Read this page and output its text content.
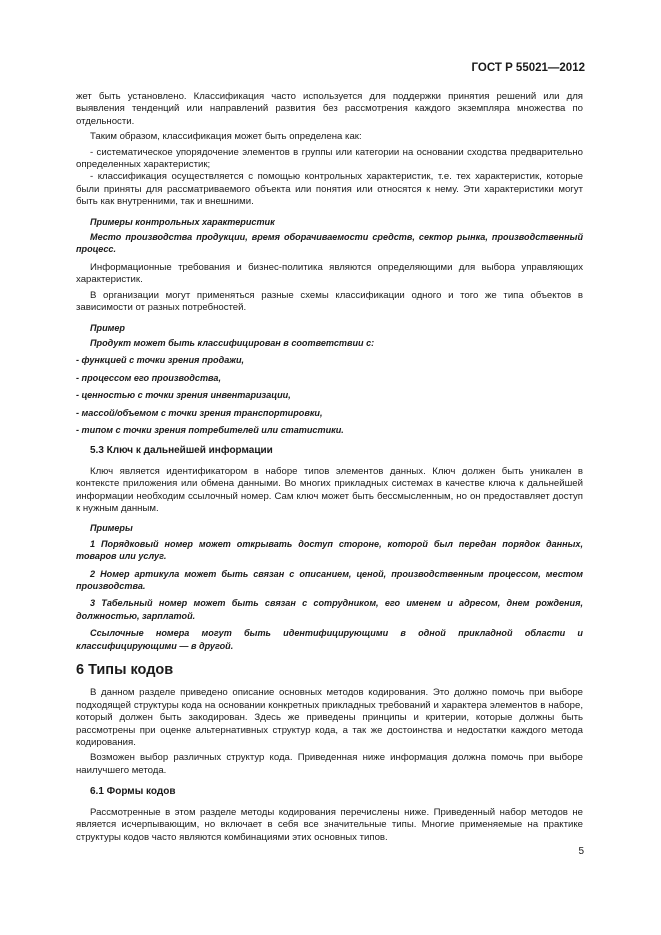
ГОСТ Р 55021—2012

жет быть установлено. Классификация часто используется для поддержки принятия решений или для выявления тенденций или направлений развития без рассмотрения каждого экземпляра множества по отдельности.

Таким образом, классификация может быть определена как:

- систематическое упорядочение элементов в группы или категории на основании сходства предварительно определенных характеристик;

- классификация осуществляется с помощью контрольных характеристик, т.е. тех характеристик, которые были приняты для рассматриваемого объекта или понятия или относятся к нему. Эти характеристики могут быть как внутренними, так и внешними.

Примеры контрольных характеристик

Место производства продукции, время оборачиваемости средств, сектор рынка, производственный процесс.

Информационные требования и бизнес-политика являются определяющими для выбора управляющих характеристик.

В организации могут применяться разные схемы классификации одного и того же типа объектов в зависимости от разных потребностей.

Пример

Продукт может быть классифицирован в соответствии с:

- функцией с точки зрения продажи,

- процессом его производства,

- ценностью с точки зрения инвентаризации,

- массой/объемом с точки зрения транспортировки,

- типом с точки зрения потребителей или статистики.

5.3 Ключ к дальнейшей информации

Ключ является идентификатором в наборе типов элементов данных. Ключ должен быть уникален в контексте приложения или обмена данными. Во многих прикладных системах в качестве ключа к дальнейшей информации необходим ссылочный номер. Сам ключ может быть бессмысленным, но он предоставляет доступ к нужным данным.

Примеры

1 Порядковый номер может открывать доступ стороне, которой был передан порядок данных, товаров или услуг.

2 Номер артикула может быть связан с описанием, ценой, производственным процессом, местом производства.

3 Табельный номер может быть связан с сотрудником, его именем и адресом, днем рождения, должностью, зарплатой.

Ссылочные номера могут быть идентифицирующими в одной прикладной области и классифицирующими — в другой.

6 Типы кодов

В данном разделе приведено описание основных методов кодирования. Это должно помочь при выборе подходящей структуры кода на основании конкретных прикладных требований и характера элементов в наборе, который должен быть закодирован. Здесь же приведены принципы и критерии, которые должны быть рассмотрены при оценке альтернативных структур кода, а так же достоинства и недостатки каждого метода кодирования.

Возможен выбор различных структур кода. Приведенная ниже информация должна помочь при выборе наилучшего метода.

6.1 Формы кодов

Рассмотренные в этом разделе методы кодирования перечислены ниже. Приведенный набор методов не является исчерпывающим, но включает в себя все значительные типы. Многие применяемые на практике структуры кодов часто являются комбинациями этих основных типов.

5
